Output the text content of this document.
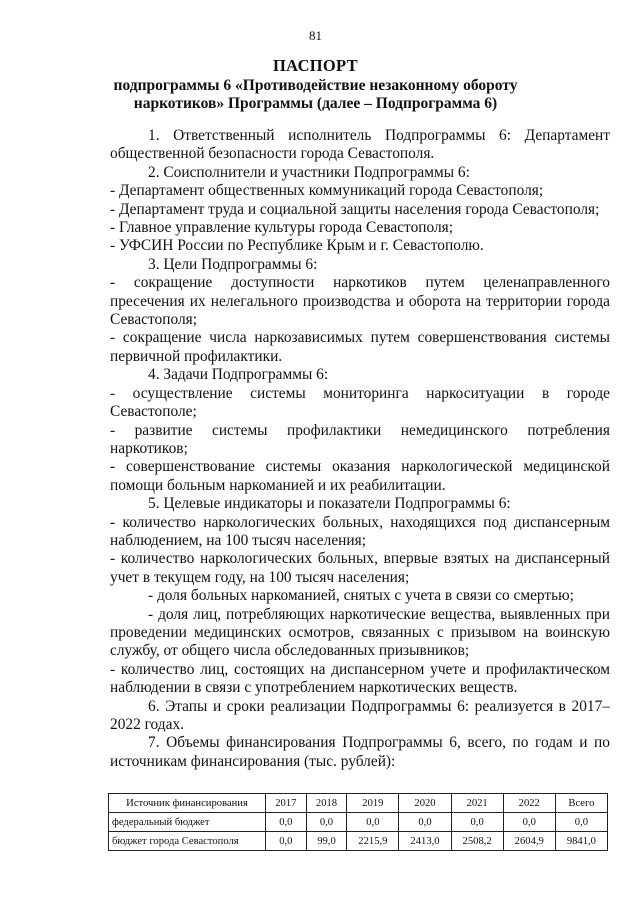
81
ПАСПОРТ
подпрограммы 6 «Противодействие незаконному обороту
наркотиков» Программы (далее – Подпрограмма 6)

1. Ответственный исполнитель Подпрограммы 6: Департамент общественной безопасности города Севастополя.

2. Соисполнители и участники Подпрограммы 6:

- Департамент общественных коммуникаций города Севастополя;

- Департамент труда и социальной защиты населения города Севастополя;

- Главное управление культуры города Севастополя;

- УФСИН России по Республике Крым и г. Севастополю.

3. Цели Подпрограммы 6:

- сокращение доступности наркотиков путем целенаправленного пресечения их нелегального производства и оборота на территории города Севастополя;

- сокращение числа наркозависимых путем совершенствования системы первичной профилактики.

4. Задачи Подпрограммы 6:

- осуществление системы мониторинга наркоситуации в городе Севастополе;

- развитие системы профилактики немедицинского потребления наркотиков;

- совершенствование системы оказания наркологической медицинской помощи больным наркоманией и их реабилитации.

5. Целевые индикаторы и показатели Подпрограммы 6:

- количество наркологических больных, находящихся под диспансерным наблюдением, на 100 тысяч населения;

- количество наркологических больных, впервые взятых на диспансерный учет в текущем году, на 100 тысяч населения;

- доля больных наркоманией, снятых с учета в связи со смертью;

- доля лиц, потребляющих наркотические вещества, выявленных при проведении медицинских осмотров, связанных с призывом на воинскую службу, от общего числа обследованных призывников;

- количество лиц, состоящих на диспансерном учете и профилактическом наблюдении в связи с употреблением наркотических веществ.

6. Этапы и сроки реализации Подпрограммы 6: реализуется в 2017–2022 годах.

7. Объемы финансирования Подпрограммы 6, всего, по годам и по источникам финансирования (тыс. рублей):

Источник финансирования	2017	2018	2019	2020	2021	2022	Всего
федеральный бюджет	0,0	0,0	0,0	0,0	0,0	0,0	0,0
бюджет города Севастополя	0,0	99,0	2215,9	2413,0	2508,2	2604,9	9841,0
